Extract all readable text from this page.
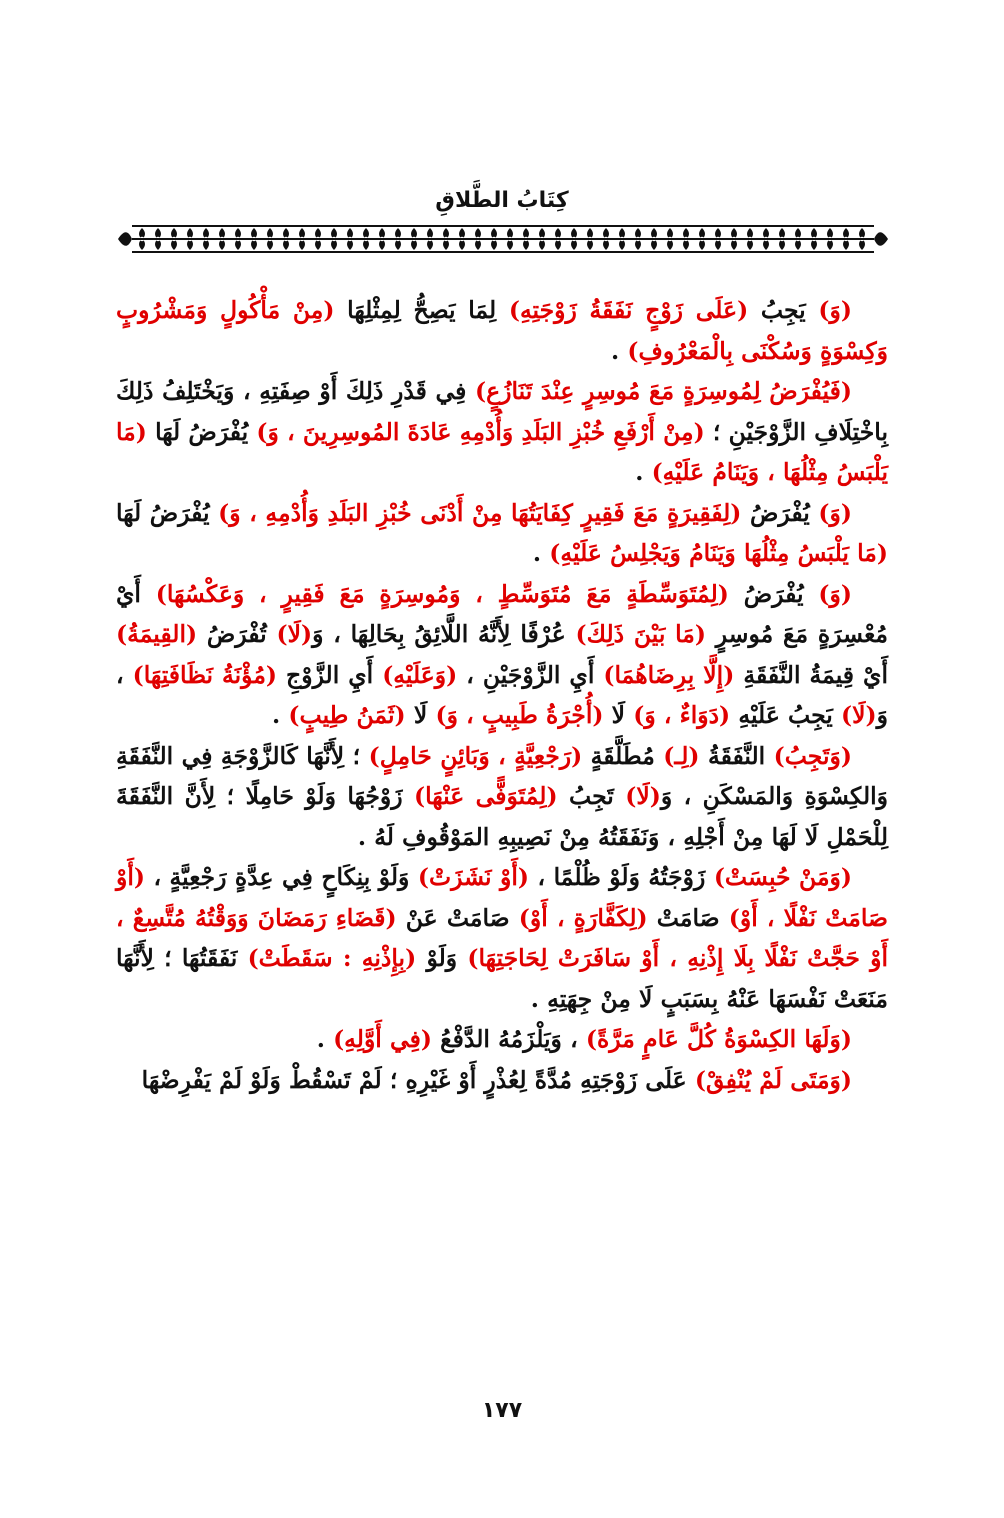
كِتَابُ الطَّلاقِ

(وَ) يَجِبُ (عَلَى زَوْجٍ نَفَقَةُ زَوْجَتِهِ) لِمَا يَصِحُّ لِمِثْلِهَا (مِنْ مَأْكُولٍ وَمَشْرُوبٍ وَكِسْوَةٍ وَسُكْنَى بِالْمَعْرُوفِ) .

(فَيُفْرَضُ لِمُوسِرَةٍ مَعَ مُوسِرٍ عِنْدَ تَنَازُعٍ) فِي قَدْرِ ذَلِكَ أَوْ صِفَتِهِ ، وَيَخْتَلِفُ ذَلِكَ بِاخْتِلَافِ الزَّوْجَيْنِ ؛ (مِنْ أَرْفَعِ خُبْزِ البَلَدِ وَأُدْمِهِ عَادَةَ المُوسِرِينَ ، وَ) يُفْرَضُ لَهَا (مَا يَلْبَسُ مِثْلُهَا ، وَيَنَامُ عَلَيْهِ) .

(وَ) يُفْرَضُ (لِفَقِيرَةٍ مَعَ فَقِيرٍ كِفَايَتُهَا مِنْ أَدْنَى خُبْزِ البَلَدِ وَأُدْمِهِ ، وَ) يُفْرَضُ لَهَا (مَا يَلْبَسُ مِثْلُهَا وَيَنَامُ وَيَجْلِسُ عَلَيْهِ) .

(وَ) يُفْرَضُ (لِمُتَوَسِّطَةٍ مَعَ مُتَوَسِّطٍ ، وَمُوسِرَةٍ مَعَ فَقِيرٍ ، وَعَكْسُهَا) أَيْ مُعْسِرَةٍ مَعَ مُوسِرٍ (مَا بَيْنَ ذَلِكَ) عُرْفًا لِأَنَّهُ اللَّائِقُ بِحَالِهَا ، وَ(لَا) تُفْرَضُ (القِيمَةُ) أَيْ قِيمَةُ النَّفَقَةِ (إِلَّا بِرِضَاهُمَا) أَيِ الزَّوْجَيْنِ ، (وَعَلَيْهِ) أَيِ الزَّوْجِ (مُؤْنَةُ نَظَافَتِهَا) ، وَ(لَا) يَجِبُ عَلَيْهِ (دَوَاءٌ ، وَ) لَا (أُجْرَةُ طَبِيبٍ ، وَ) لَا (ثَمَنُ طِيبٍ) .

(وَتَجِبُ) النَّفَقَةُ (لِـ) مُطَلَّقَةٍ (رَجْعِيَّةٍ ، وَبَائِنٍ حَامِلٍ) ؛ لِأَنَّهَا كَالزَّوْجَةِ فِي النَّفَقَةِ وَالكِسْوَةِ وَالمَسْكَنِ ، وَ(لَا) تَجِبُ (لِمُتَوَفًّى عَنْهَا) زَوْجُهَا وَلَوْ حَامِلًا ؛ لِأَنَّ النَّفَقَةَ لِلْحَمْلِ لَا لَهَا مِنْ أَجْلِهِ ، وَنَفَقَتُهُ مِنْ نَصِيبِهِ المَوْقُوفِ لَهُ .

(وَمَنْ حُبِسَتْ) زَوْجَتُهُ وَلَوْ ظُلْمًا ، (أَوْ نَشَزَتْ) وَلَوْ بِنِكَاحٍ فِي عِدَّةٍ رَجْعِيَّةٍ ، (أَوْ صَامَتْ نَفْلًا ، أَوْ) صَامَتْ (لِكَفَّارَةٍ ، أَوْ) صَامَتْ عَنْ (قَضَاءِ رَمَضَانَ وَوَقْتُهُ مُتَّسِعٌ ، أَوْ حَجَّتْ نَفْلًا بِلَا إِذْنِهِ ، أَوْ سَافَرَتْ لِحَاجَتِهَا) وَلَوْ (بِإِذْنِهِ : سَقَطَتْ) نَفَقَتُهَا ؛ لِأَنَّهَا مَنَعَتْ نَفْسَهَا عَنْهُ بِسَبَبٍ لَا مِنْ جِهَتِهِ .

(وَلَهَا الكِسْوَةُ كُلَّ عَامٍ مَرَّةً) ، وَيَلْزَمُهُ الدَّفْعُ (فِي أَوَّلِهِ) .

(وَمَتَى لَمْ يُنْفِقْ) عَلَى زَوْجَتِهِ مُدَّةً لِعُذْرٍ أَوْ غَيْرِهِ ؛ لَمْ تَسْقُطْ وَلَوْ لَمْ يَفْرِضْهَا

١٧٧
